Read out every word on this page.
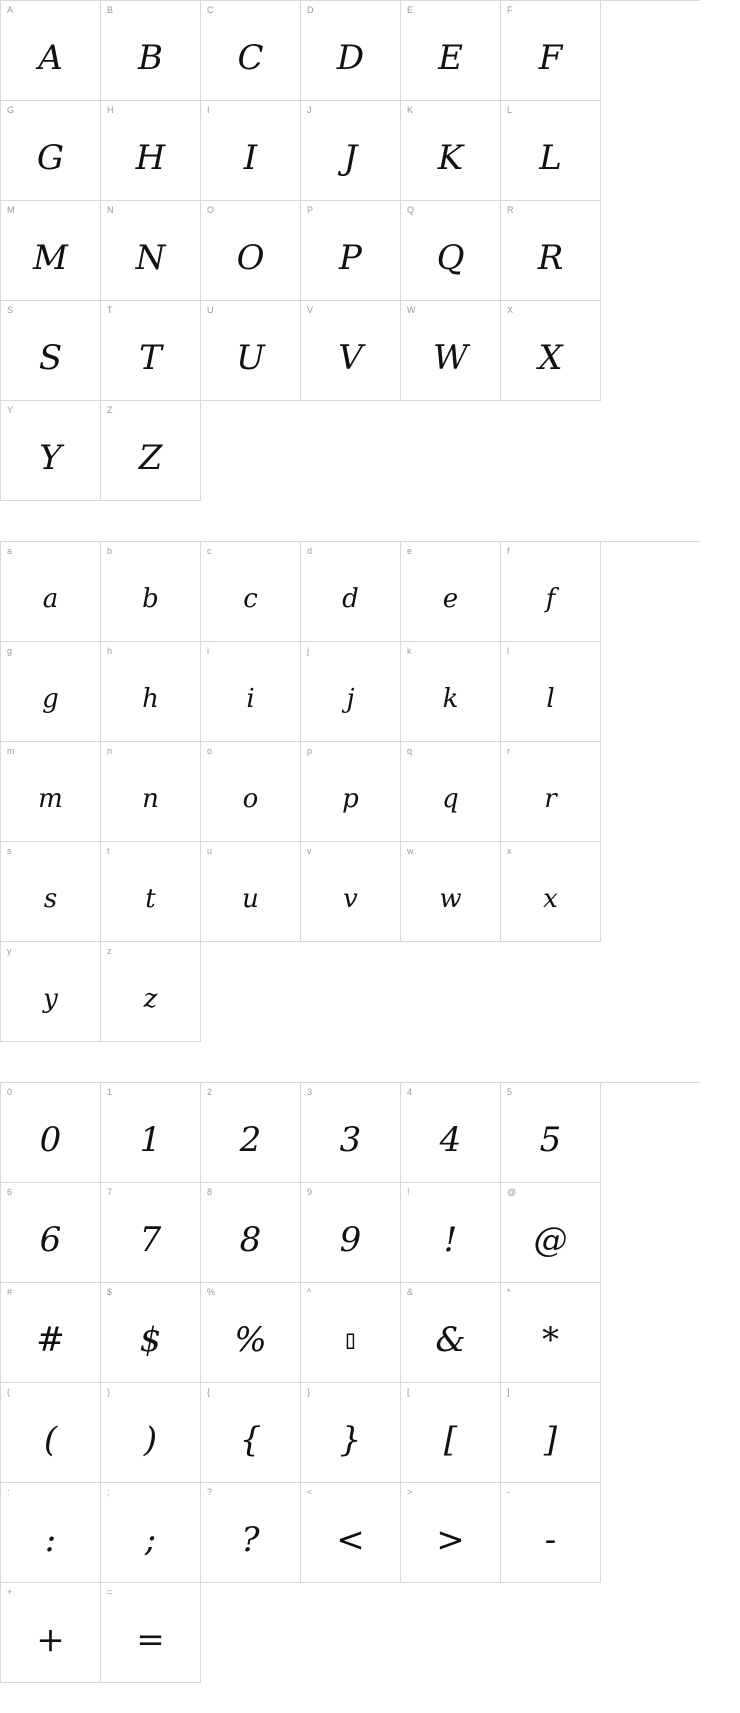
A
A
B
B
C
C
D
D
E
E
F
F
G
G
H
H
I
I
J
J
K
K
L
L
M
M
N
N
O
O
P
P
Q
Q
R
R
S
S
T
T
U
U
V
V
W
W
X
X
Y
Y
Z
Z
a
a
b
b
c
c
d
d
e
e
f
f
g
g
h
h
i
i
j
j
k
k
l
l
m
m
n
n
o
o
p
p
q
q
r
r
s
s
t
t
u
u
v
v
w
w
x
x
y
y
z
z
0
0
1
1
2
2
3
3
4
4
5
5
6
6
7
7
8
8
9
9
!
!
@
@
#
#
$
$
%
%
^
▯
&
&
*
*
(
(
)
)
{
{
}
}
[
[
]
]
:
:
;
;
?
?
<
<
>
>
-
-
+
+
=
=
